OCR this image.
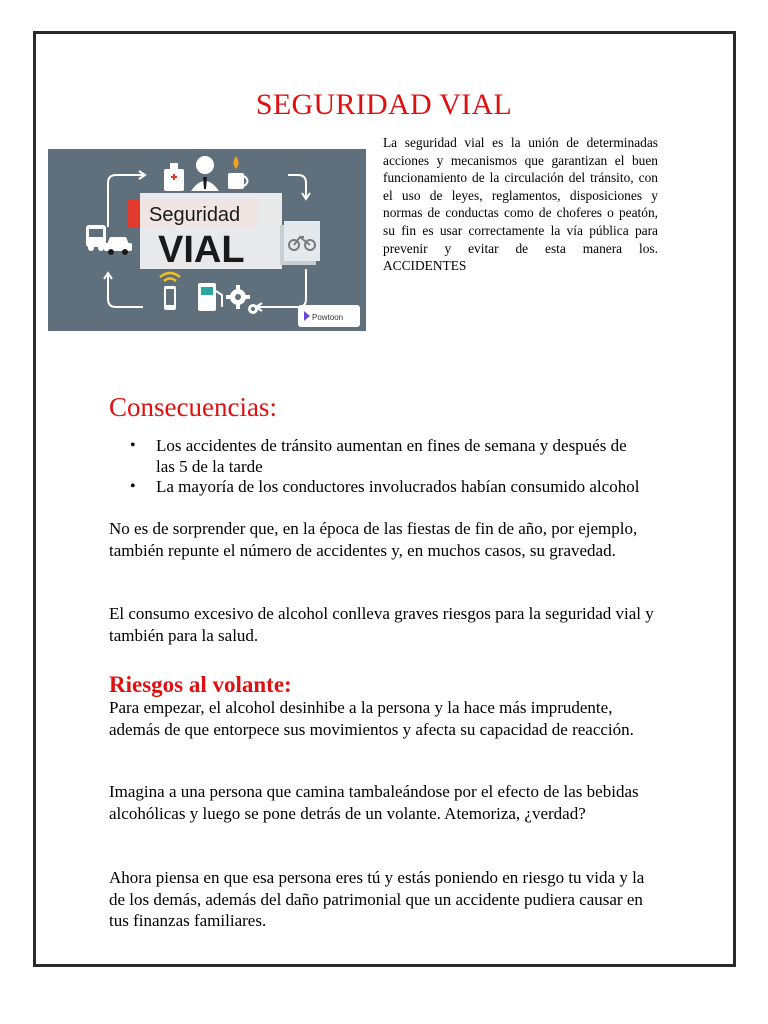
SEGURIDAD VIAL
Seguridad
VIAL
Powtoon
La seguridad vial es la unión de determinadas acciones y mecanismos que garantizan el buen funcionamiento de la circulación del tránsito, con el uso de leyes, reglamentos, disposiciones y normas de conductas como de choferes o peatón, su fin es usar correctamente la vía pública para prevenir y evitar de esta manera los. ACCIDENTES
Consecuencias:
• Los accidentes de tránsito aumentan en fines de semana y después de las 5 de la tarde
• La mayoría de los conductores involucrados habían consumido alcohol
No es de sorprender que, en la época de las fiestas de fin de año, por ejemplo, también repunte el número de accidentes y, en muchos casos, su gravedad.
El consumo excesivo de alcohol conlleva graves riesgos para la seguridad vial y también para la salud.
Riesgos al volante:
Para empezar, el alcohol desinhibe a la persona y la hace más imprudente, además de que entorpece sus movimientos y afecta su capacidad de reacción.
Imagina a una persona que camina tambaleándose por el efecto de las bebidas alcohólicas y luego se pone detrás de un volante. Atemoriza, ¿verdad?
Ahora piensa en que esa persona eres tú y estás poniendo en riesgo tu vida y la de los demás, además del daño patrimonial que un accidente pudiera causar en tus finanzas familiares.
